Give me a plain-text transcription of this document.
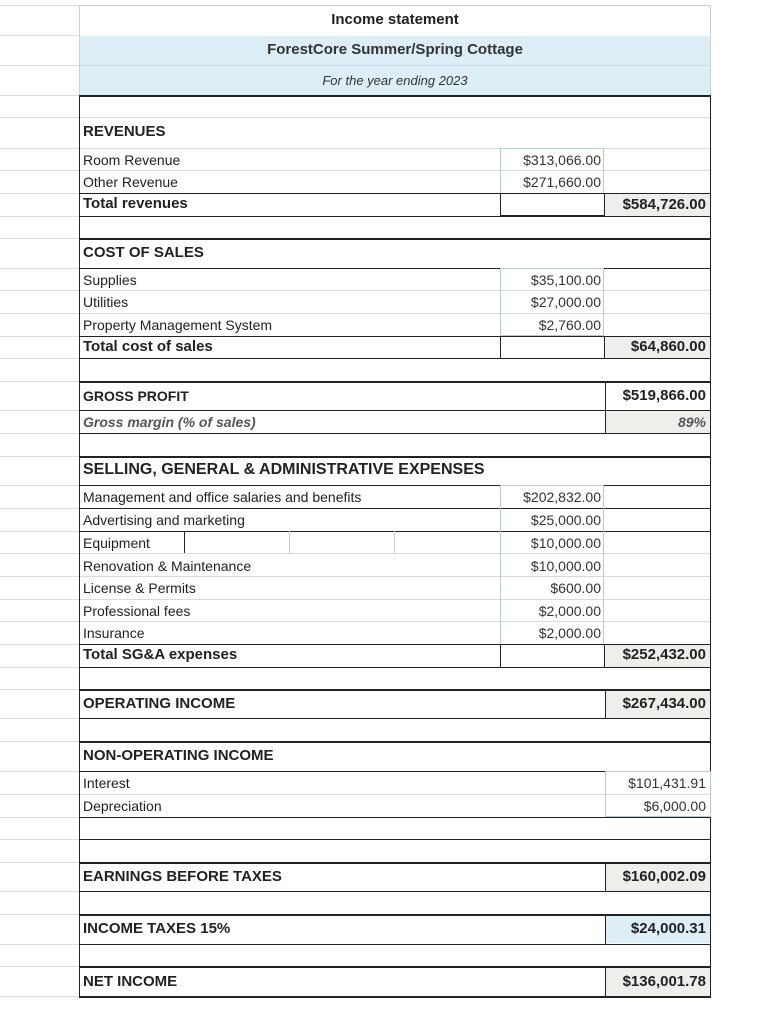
Income statement
ForestCore Summer/Spring Cottage
For the year ending 2023
REVENUES
Room Revenue	$313,066.00
Other Revenue	$271,660.00
Total revenues	$584,726.00
COST OF SALES
Supplies	$35,100.00
Utilities	$27,000.00
Property Management System	$2,760.00
Total cost of sales	$64,860.00
GROSS PROFIT	$519,866.00
Gross margin (% of sales)	89%
SELLING, GENERAL & ADMINISTRATIVE EXPENSES
Management and office salaries and benefits	$202,832.00
Advertising and marketing	$25,000.00
Equipment	$10,000.00
Renovation & Maintenance	$10,000.00
License & Permits	$600.00
Professional fees	$2,000.00
Insurance	$2,000.00
Total SG&A expenses	$252,432.00
OPERATING INCOME	$267,434.00
NON-OPERATING INCOME
Interest	$101,431.91
Depreciation	$6,000.00
EARNINGS BEFORE TAXES	$160,002.09
INCOME TAXES 15%	$24,000.31
NET INCOME	$136,001.78
